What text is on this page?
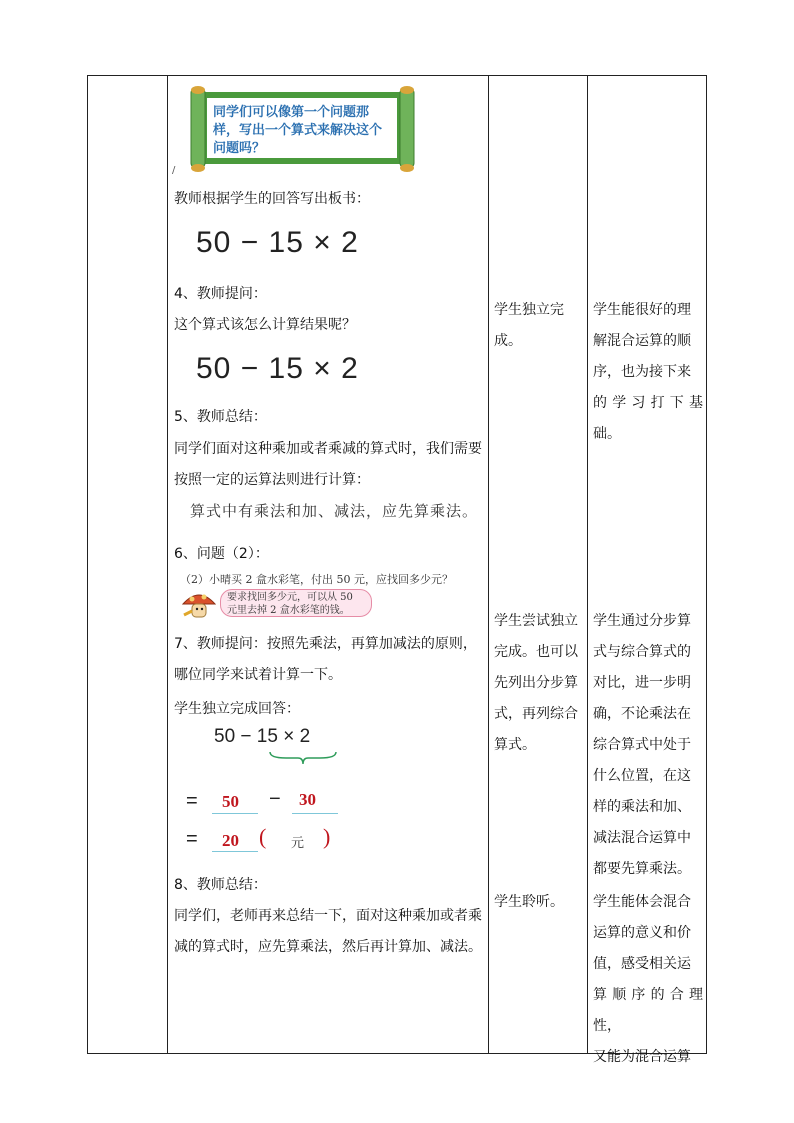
同学们可以像第一个问题那样，写出一个算式来解决这个问题吗？
/
教师根据学生的回答写出板书：
50 − 15 × 2
4、教师提问：
这个算式该怎么计算结果呢？
50 − 15 × 2
5、教师总结：
同学们面对这种乘加或者乘减的算式时，我们需要
按照一定的运算法则进行计算：
算式中有乘法和加、减法，应先算乘法。
6、问题（2）：
（2）小晴买 2 盒水彩笔，付出 50 元，应找回多少元？
要求找回多少元，可以从 50 元里去掉 2 盒水彩笔的钱。
7、教师提问：按照先乘法，再算加减法的原则，
哪位同学来试着计算一下。
学生独立完成回答：
50 − 15 × 2
= 50 − 30
= 20 ( 元 )
8、教师总结：
同学们，老师再来总结一下，面对这种乘加或者乘
减的算式时，应先算乘法，然后再计算加、减法。
学生独立完成。
学生尝试独立
完成。也可以
先列出分步算
式，再列综合
算式。
学生聆听。
学生能很好的理
解混合运算的顺
序，也为接下来
的学习打下基础。
学生通过分步算
式与综合算式的
对比，进一步明
确，不论乘法在
综合算式中处于
什么位置，在这
样的乘法和加、
减法混合运算中
都要先算乘法。
学生能体会混合
运算的意义和价
值，感受相关运
算顺序的合理性，
又能为混合运算
